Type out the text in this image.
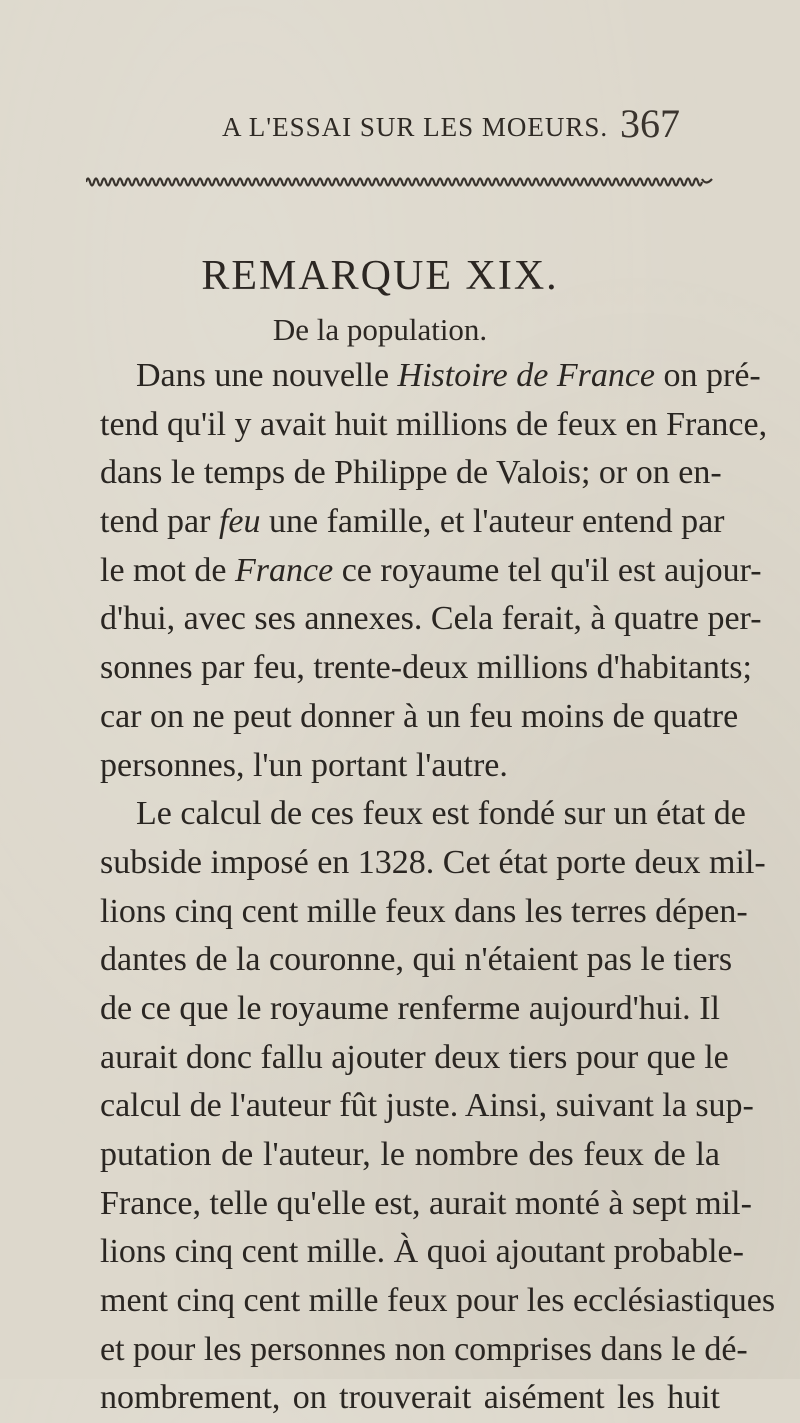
A L'ESSAI SUR LES MOEURS. 367
REMARQUE XIX.
De la population.
Dans une nouvelle Histoire de France on pré-
tend qu'il y avait huit millions de feux en France,
dans le temps de Philippe de Valois; or on en-
tend par feu une famille, et l'auteur entend par
le mot de France ce royaume tel qu'il est aujour-
d'hui, avec ses annexes. Cela ferait, à quatre per-
sonnes par feu, trente-deux millions d'habitants;
car on ne peut donner à un feu moins de quatre
personnes, l'un portant l'autre.
Le calcul de ces feux est fondé sur un état de
subside imposé en 1328. Cet état porte deux mil-
lions cinq cent mille feux dans les terres dépen-
dantes de la couronne, qui n'étaient pas le tiers
de ce que le royaume renferme aujourd'hui. Il
aurait donc fallu ajouter deux tiers pour que le
calcul de l'auteur fût juste. Ainsi, suivant la sup-
putation de l'auteur, le nombre des feux de la
France, telle qu'elle est, aurait monté à sept mil-
lions cinq cent mille. À quoi ajoutant probable-
ment cinq cent mille feux pour les ecclésiastiques
et pour les personnes non comprises dans le dé-
nombrement, on trouverait aisément les huit
